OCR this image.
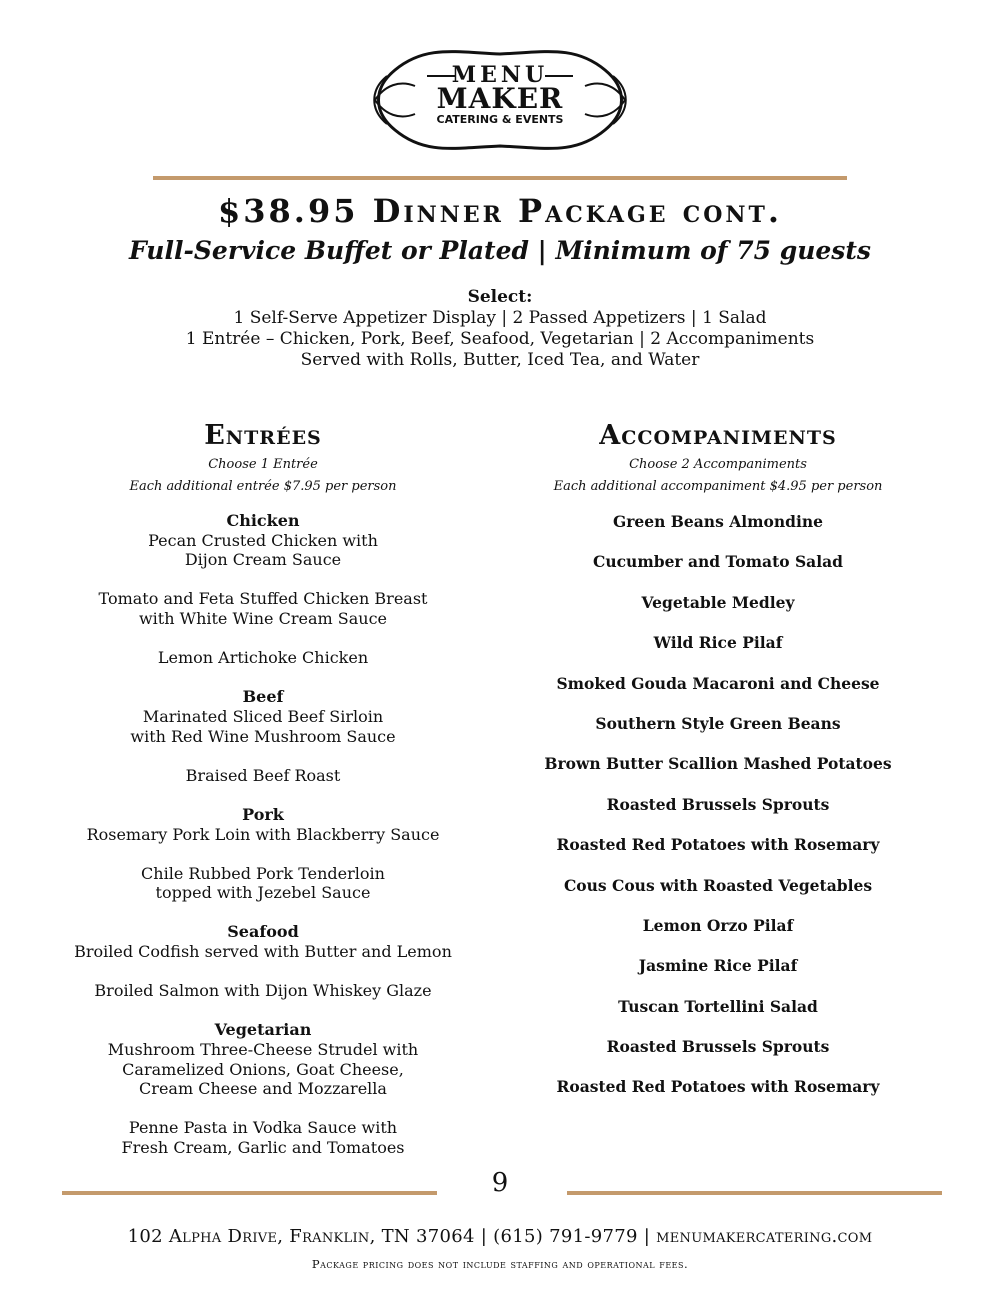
MENU
MAKER
CATERING & EVENTS
$38.95 Dinner Package cont.
Full-Service Buffet or Plated | Minimum of 75 guests
Select:
1 Self-Serve Appetizer Display | 2 Passed Appetizers | 1 Salad
1 Entrée – Chicken, Pork, Beef, Seafood, Vegetarian | 2 Accompaniments
Served with Rolls, Butter, Iced Tea, and Water
Entrées
Choose 1 Entrée
Each additional entrée $7.95 per person
Chicken
Pecan Crusted Chicken with
Dijon Cream Sauce
Tomato and Feta Stuffed Chicken Breast
with White Wine Cream Sauce
Lemon Artichoke Chicken
Beef
Marinated Sliced Beef Sirloin
with Red Wine Mushroom Sauce
Braised Beef Roast
Pork
Rosemary Pork Loin with Blackberry Sauce
Chile Rubbed Pork Tenderloin
topped with Jezebel Sauce
Seafood
Broiled Codfish served with Butter and Lemon
Broiled Salmon with Dijon Whiskey Glaze
Vegetarian
Mushroom Three-Cheese Strudel with
Caramelized Onions, Goat Cheese,
Cream Cheese and Mozzarella
Penne Pasta in Vodka Sauce with
Fresh Cream, Garlic and Tomatoes
Accompaniments
Choose 2 Accompaniments
Each additional accompaniment $4.95 per person
Green Beans Almondine
Cucumber and Tomato Salad
Vegetable Medley
Wild Rice Pilaf
Smoked Gouda Macaroni and Cheese
Southern Style Green Beans
Brown Butter Scallion Mashed Potatoes
Roasted Brussels Sprouts
Roasted Red Potatoes with Rosemary
Cous Cous with Roasted Vegetables
Lemon Orzo Pilaf
Jasmine Rice Pilaf
Tuscan Tortellini Salad
Roasted Brussels Sprouts
Roasted Red Potatoes with Rosemary
9
102 Alpha Drive, Franklin, TN 37064 | (615) 791-9779 | menumakercatering.com
Package pricing does not include staffing and operational fees.
